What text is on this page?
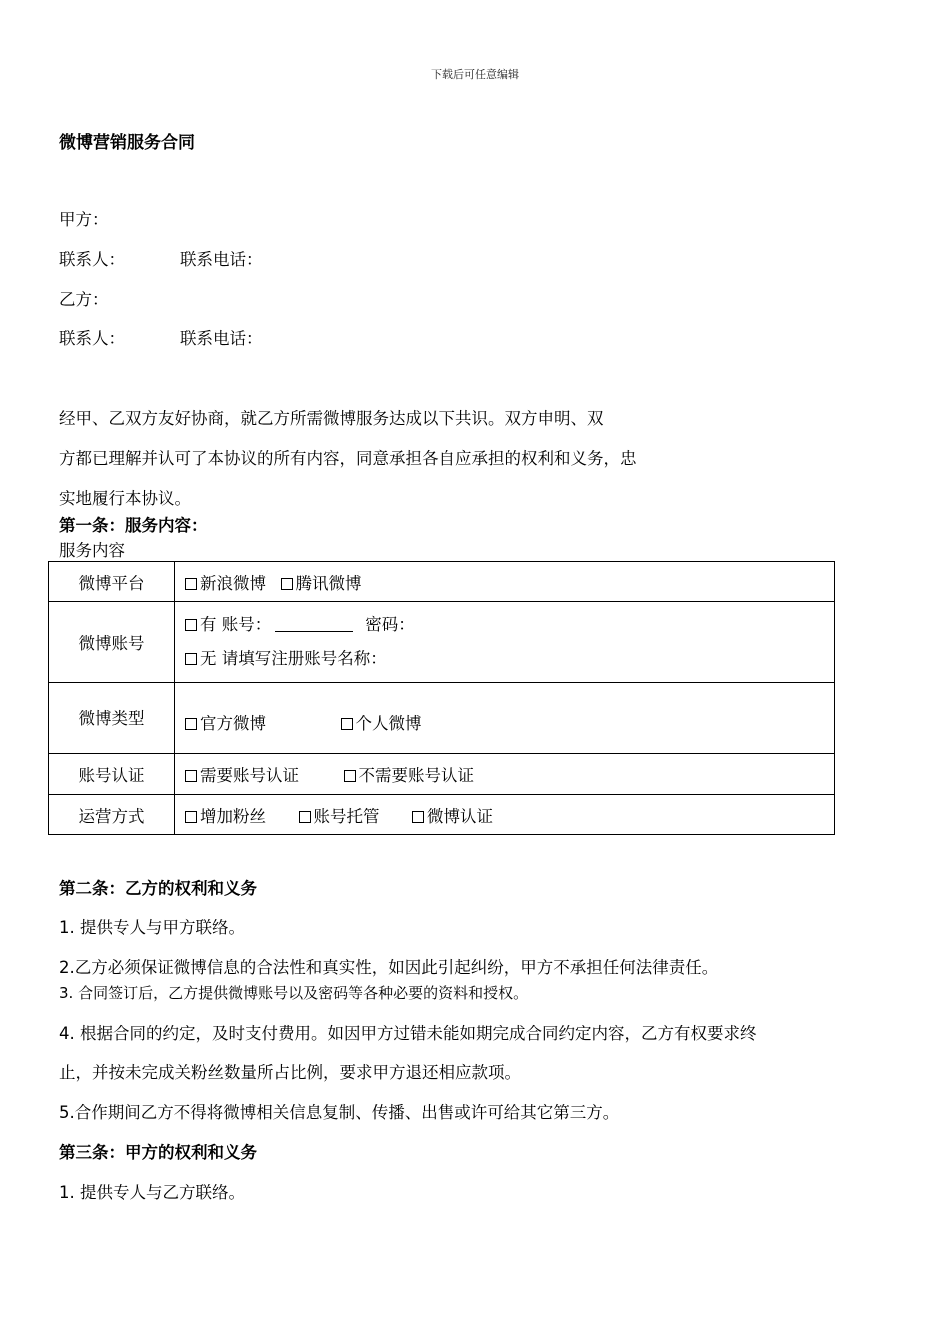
下载后可任意编辑
微博营销服务合同
甲方：
联系人：	联系电话：
乙方：
联系人：	联系电话：
经甲、乙双方友好协商，就乙方所需微博服务达成以下共识。双方申明、双
方都已理解并认可了本协议的所有内容，同意承担各自应承担的权利和义务，忠
实地履行本协议。
第一条：服务内容：
服务内容
微博平台	新浪微博 腾讯微博
微博账号	有 账号： 密码：
无 请填写注册账号名称：

微博类型	官方微博 个人微博
账号认证	需要账号认证 不需要账号认证
运营方式	增加粉丝 账号托管 微博认证
第二条：乙方的权利和义务
1. 提供专人与甲方联络。
2.乙方必须保证微博信息的合法性和真实性，如因此引起纠纷，甲方不承担任何法律责任。
3. 合同签订后，乙方提供微博账号以及密码等各种必要的资料和授权。
4. 根据合同的约定，及时支付费用。如因甲方过错未能如期完成合同约定内容，乙方有权要求终
止，并按未完成关粉丝数量所占比例，要求甲方退还相应款项。
5.合作期间乙方不得将微博相关信息复制、传播、出售或许可给其它第三方。
第三条：甲方的权利和义务
1. 提供专人与乙方联络。
